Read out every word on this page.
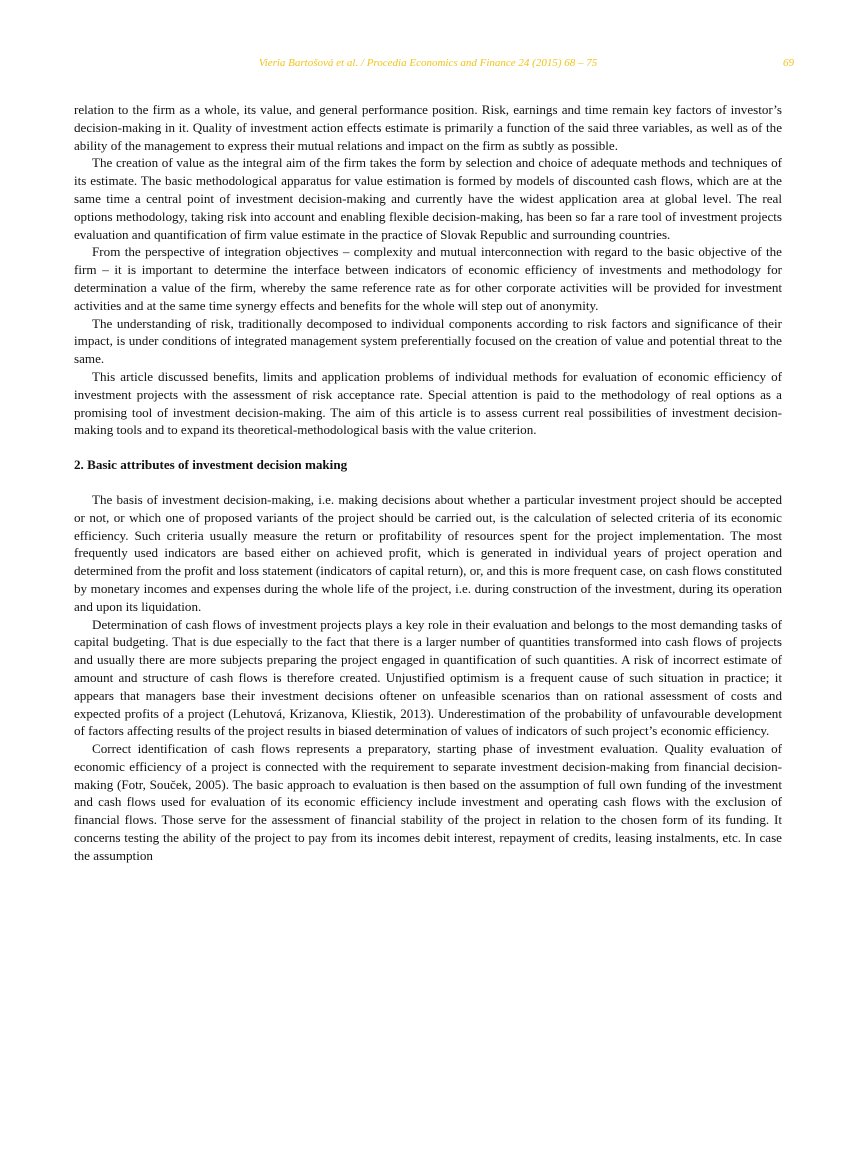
Vieria Bartošová et al. / Procedia Economics and Finance 24 (2015) 68 – 75	69

relation to the firm as a whole, its value, and general performance position. Risk, earnings and time remain key factors of investor’s decision-making in it. Quality of investment action effects estimate is primarily a function of the said three variables, as well as of the ability of the management to express their mutual relations and impact on the firm as subtly as possible.

The creation of value as the integral aim of the firm takes the form by selection and choice of adequate methods and techniques of its estimate. The basic methodological apparatus for value estimation is formed by models of discounted cash flows, which are at the same time a central point of investment decision-making and currently have the widest application area at global level. The real options methodology, taking risk into account and enabling flexible decision-making, has been so far a rare tool of investment projects evaluation and quantification of firm value estimate in the practice of Slovak Republic and surrounding countries.

From the perspective of integration objectives – complexity and mutual interconnection with regard to the basic objective of the firm – it is important to determine the interface between indicators of economic efficiency of investments and methodology for determination a value of the firm, whereby the same reference rate as for other corporate activities will be provided for investment activities and at the same time synergy effects and benefits for the whole will step out of anonymity.

The understanding of risk, traditionally decomposed to individual components according to risk factors and significance of their impact, is under conditions of integrated management system preferentially focused on the creation of value and potential threat to the same.

This article discussed benefits, limits and application problems of individual methods for evaluation of economic efficiency of investment projects with the assessment of risk acceptance rate. Special attention is paid to the methodology of real options as a promising tool of investment decision-making. The aim of this article is to assess current real possibilities of investment decision-making tools and to expand its theoretical-methodological basis with the value criterion.

2. Basic attributes of investment decision making

The basis of investment decision-making, i.e. making decisions about whether a particular investment project should be accepted or not, or which one of proposed variants of the project should be carried out, is the calculation of selected criteria of its economic efficiency. Such criteria usually measure the return or profitability of resources spent for the project implementation. The most frequently used indicators are based either on achieved profit, which is generated in individual years of project operation and determined from the profit and loss statement (indicators of capital return), or, and this is more frequent case, on cash flows constituted by monetary incomes and expenses during the whole life of the project, i.e. during construction of the investment, during its operation and upon its liquidation.

Determination of cash flows of investment projects plays a key role in their evaluation and belongs to the most demanding tasks of capital budgeting. That is due especially to the fact that there is a larger number of quantities transformed into cash flows of projects and usually there are more subjects preparing the project engaged in quantification of such quantities. A risk of incorrect estimate of amount and structure of cash flows is therefore created. Unjustified optimism is a frequent cause of such situation in practice; it appears that managers base their investment decisions oftener on unfeasible scenarios than on rational assessment of costs and expected profits of a project (Lehutová, Krizanova, Kliestik, 2013). Underestimation of the probability of unfavourable development of factors affecting results of the project results in biased determination of values of indicators of such project’s economic efficiency.

Correct identification of cash flows represents a preparatory, starting phase of investment evaluation. Quality evaluation of economic efficiency of a project is connected with the requirement to separate investment decision-making from financial decision-making (Fotr, Souček, 2005). The basic approach to evaluation is then based on the assumption of full own funding of the investment and cash flows used for evaluation of its economic efficiency include investment and operating cash flows with the exclusion of financial flows. Those serve for the assessment of financial stability of the project in relation to the chosen form of its funding. It concerns testing the ability of the project to pay from its incomes debit interest, repayment of credits, leasing instalments, etc. In case the assumption
